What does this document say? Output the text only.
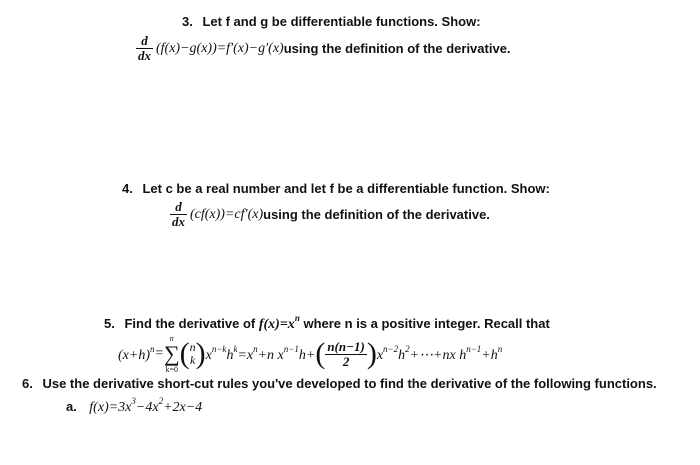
3. Let f and g be differentiable functions. Show:
$\frac{d}{dx} (f(x)-g(x))=f'(x)-g'(x)$ using the definition of the derivative.
4. Let c be a real number and let f be a differentiable function. Show:
$\frac{d}{dx} (cf(x))=cf'(x)$ using the definition of the derivative.
5. Find the derivative of $f(x)=x^n$ where n is a positive integer. Recall that
$(x+h)^n$ =
n
∑
k=0 ( n
k ) $x^{n-k}h^k =x^n+n$ $x^{n-1}h+$ ( $\frac{n(n-1)}{2}$ ) $x^{n-2}h^2+\cdots+nx$ $h^{n-1}+h^n$
6. Use the derivative short-cut rules you've developed to find the derivative of the following functions.
a. $f(x)=3x^3-4x^2+2x-4$
